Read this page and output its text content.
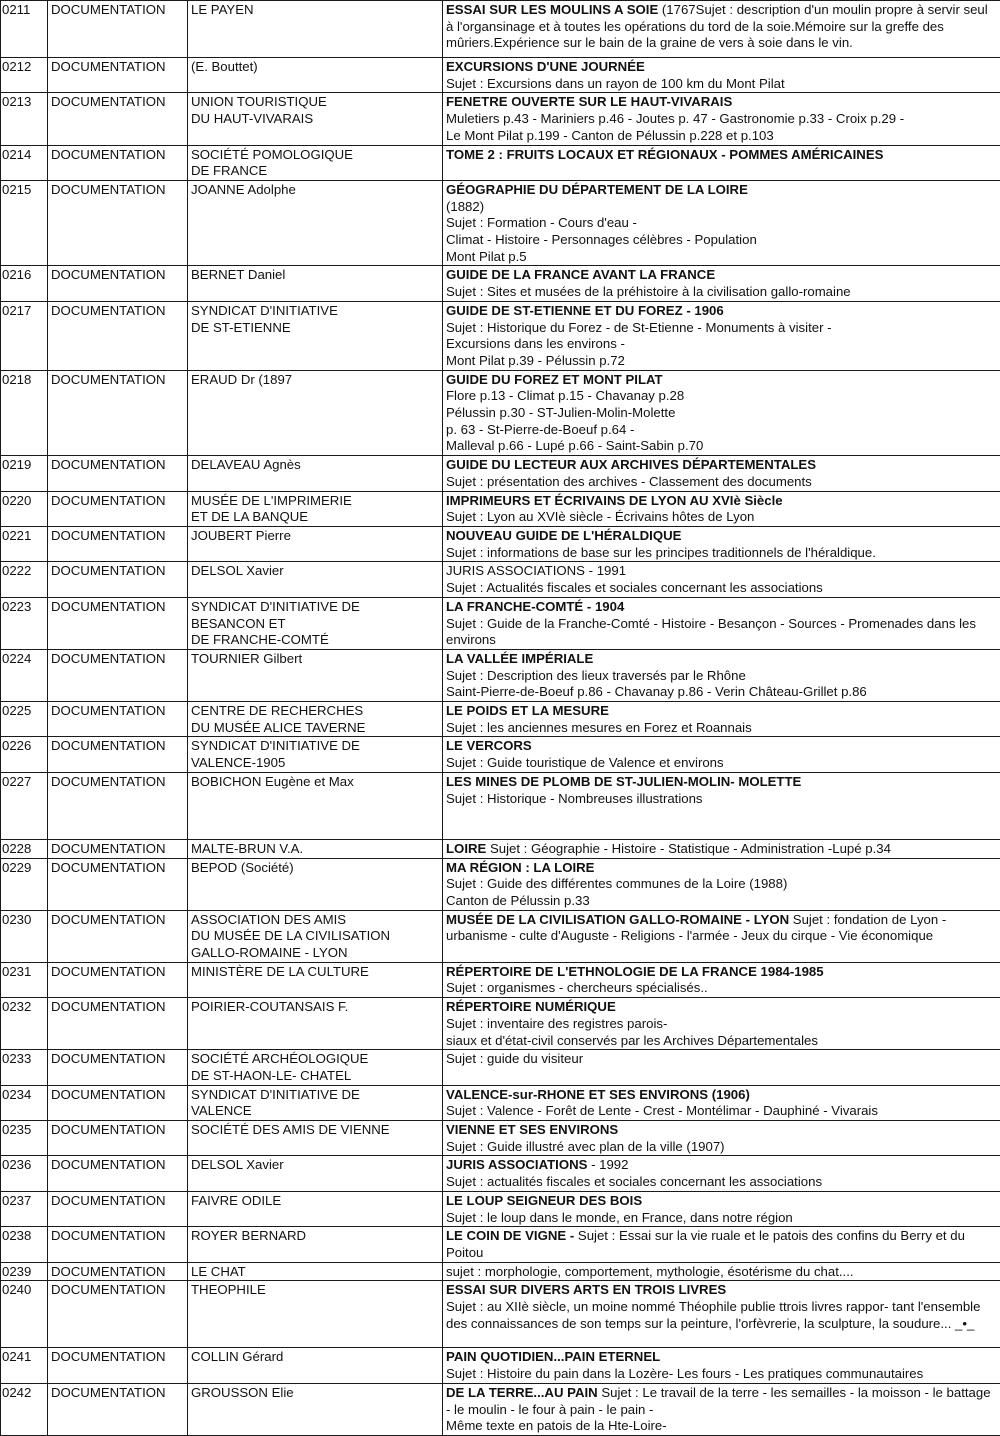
0211	DOCUMENTATION	LE PAYEN	ESSAI SUR LES MOULINS A SOIE (1767Sujet : description d'un moulin propre à servir seul à l'organsinage et à toutes les opérations du tord de la soie.Mémoire sur la greffe des mûriers.Expérience sur le bain de la graine de vers à soie dans le vin.

0212	DOCUMENTATION	(E. Bouttet)	EXCURSIONS D'UNE JOURNÉE
Sujet : Excursions dans un rayon de 100 km du Mont Pilat

0213	DOCUMENTATION	UNION TOURISTIQUE
DU HAUT-VIVARAIS	FENETRE OUVERTE SUR LE HAUT-VIVARAIS
Muletiers p.43 - Mariniers p.46 - Joutes p. 47 - Gastronomie p.33 - Croix p.29 -
Le Mont Pilat p.199 - Canton de Pélussin p.228 et p.103

0214	DOCUMENTATION	SOCIÉTÉ POMOLOGIQUE
DE FRANCE	TOME 2 : FRUITS LOCAUX ET RÉGIONAUX - POMMES AMÉRICAINES

0215	DOCUMENTATION	JOANNE Adolphe	GÉOGRAPHIE DU DÉPARTEMENT DE LA LOIRE
(1882)
Sujet : Formation - Cours d'eau -
Climat - Histoire - Personnages célèbres - Population
Mont Pilat p.5

0216	DOCUMENTATION	BERNET Daniel	GUIDE DE LA FRANCE AVANT LA FRANCE
Sujet : Sites et musées de la préhistoire à la civilisation gallo-romaine

0217	DOCUMENTATION	SYNDICAT D'INITIATIVE
DE ST-ETIENNE	GUIDE DE ST-ETIENNE ET DU FOREZ - 1906
Sujet : Historique du Forez - de St-Etienne - Monuments à visiter -
Excursions dans les environs -
Mont Pilat p.39 - Pélussin p.72

0218	DOCUMENTATION	ERAUD Dr (1897	GUIDE DU FOREZ ET MONT PILAT
Flore p.13 - Climat p.15 - Chavanay p.28
Pélussin p.30 - ST-Julien-Molin-Molette
p. 63 - St-Pierre-de-Boeuf p.64 -
Malleval p.66 - Lupé p.66 - Saint-Sabin p.70

0219	DOCUMENTATION	DELAVEAU Agnès	GUIDE DU LECTEUR AUX ARCHIVES DÉPARTEMENTALES
Sujet : présentation des archives - Classement des documents

0220	DOCUMENTATION	MUSÉE DE L'IMPRIMERIE
ET DE LA BANQUE	IMPRIMEURS ET ÉCRIVAINS DE LYON AU XVIè Siècle
Sujet : Lyon au XVIè siècle - Écrivains hôtes de Lyon

0221	DOCUMENTATION	JOUBERT Pierre	NOUVEAU GUIDE DE L'HÉRALDIQUE
Sujet : informations de base sur les principes traditionnels de l'héraldique.

0222	DOCUMENTATION	DELSOL Xavier	JURIS ASSOCIATIONS - 1991
Sujet : Actualités fiscales et sociales concernant les associations

0223	DOCUMENTATION	SYNDICAT D'INITIATIVE DE
BESANCON ET
DE FRANCHE-COMTÉ	LA FRANCHE-COMTÉ - 1904
Sujet : Guide de la Franche-Comté - Histoire - Besançon - Sources - Promenades dans les environs

0224	DOCUMENTATION	TOURNIER Gilbert	LA VALLÉE IMPÉRIALE
Sujet : Description des lieux traversés par le Rhône
Saint-Pierre-de-Boeuf p.86 - Chavanay p.86 - Verin Château-Grillet p.86

0225	DOCUMENTATION	CENTRE DE RECHERCHES
DU MUSÉE ALICE TAVERNE	LE POIDS ET LA MESURE
Sujet : les anciennes mesures en Forez et Roannais

0226	DOCUMENTATION	SYNDICAT D'INITIATIVE DE
VALENCE-1905	LE VERCORS
Sujet : Guide touristique de Valence et environs

0227	DOCUMENTATION	BOBICHON Eugène et Max	LES MINES DE PLOMB DE ST-JULIEN-MOLIN- MOLETTE
Sujet : Historique - Nombreuses illustrations

0228	DOCUMENTATION	MALTE-BRUN V.A.	LOIRE Sujet : Géographie - Histoire - Statistique - Administration -Lupé p.34

0229	DOCUMENTATION	BEPOD (Société)	MA RÉGION : LA LOIRE
Sujet : Guide des différentes communes de la Loire (1988)
Canton de Pélussin p.33

0230	DOCUMENTATION	ASSOCIATION DES AMIS
DU MUSÉE DE LA CIVILISATION
GALLO-ROMAINE - LYON	MUSÉE DE LA CIVILISATION GALLO-ROMAINE - LYON Sujet : fondation de Lyon - urbanisme - culte d'Auguste - Religions - l'armée - Jeux du cirque - Vie économique

0231	DOCUMENTATION	MINISTÈRE DE LA CULTURE	RÉPERTOIRE DE L'ETHNOLOGIE DE LA FRANCE 1984-1985
Sujet : organismes - chercheurs spécialisés..

0232	DOCUMENTATION	POIRIER-COUTANSAIS F.	RÉPERTOIRE NUMÉRIQUE
Sujet : inventaire des registres parois-
siaux et d'état-civil conservés par les Archives Départementales

0233	DOCUMENTATION	SOCIÉTÉ ARCHÉOLOGIQUE
DE ST-HAON-LE- CHATEL	Sujet : guide du visiteur

0234	DOCUMENTATION	SYNDICAT D'INITIATIVE DE
VALENCE	VALENCE-sur-RHONE ET SES ENVIRONS (1906)
Sujet : Valence - Forêt de Lente - Crest - Montélimar - Dauphiné - Vivarais

0235	DOCUMENTATION	SOCIÉTÉ DES AMIS DE VIENNE	VIENNE ET SES ENVIRONS
Sujet : Guide illustré avec plan de la ville (1907)

0236	DOCUMENTATION	DELSOL Xavier	JURIS ASSOCIATIONS - 1992
Sujet : actualités fiscales et sociales concernant les associations

0237	DOCUMENTATION	FAIVRE ODILE	LE LOUP SEIGNEUR DES BOIS
Sujet : le loup dans le monde, en France, dans notre région

0238	DOCUMENTATION	ROYER BERNARD	LE COIN DE VIGNE - Sujet : Essai sur la vie ruale et le patois des confins du Berry et du Poitou

0239	DOCUMENTATION	LE CHAT	sujet : morphologie, comportement, mythologie, ésotérisme du chat....

0240	DOCUMENTATION	THEOPHILE	ESSAI SUR DIVERS ARTS EN TROIS LIVRES
Sujet : au XIIè siècle, un moine nommé Théophile publie ttrois livres rappor- tant l'ensemble des connaissances de son temps sur la peinture, l'orfèvrerie, la sculpture, la soudure... _•_

0241	DOCUMENTATION	COLLIN Gérard	PAIN QUOTIDIEN...PAIN ETERNEL
Sujet : Histoire du pain dans la Lozère- Les fours - Les pratiques communautaires

0242	DOCUMENTATION	GROUSSON Elie	DE LA TERRE...AU PAIN Sujet : Le travail de la terre - les semailles - la moisson - le battage - le moulin - le four à pain - le pain -
Même texte en patois de la Hte-Loire-
